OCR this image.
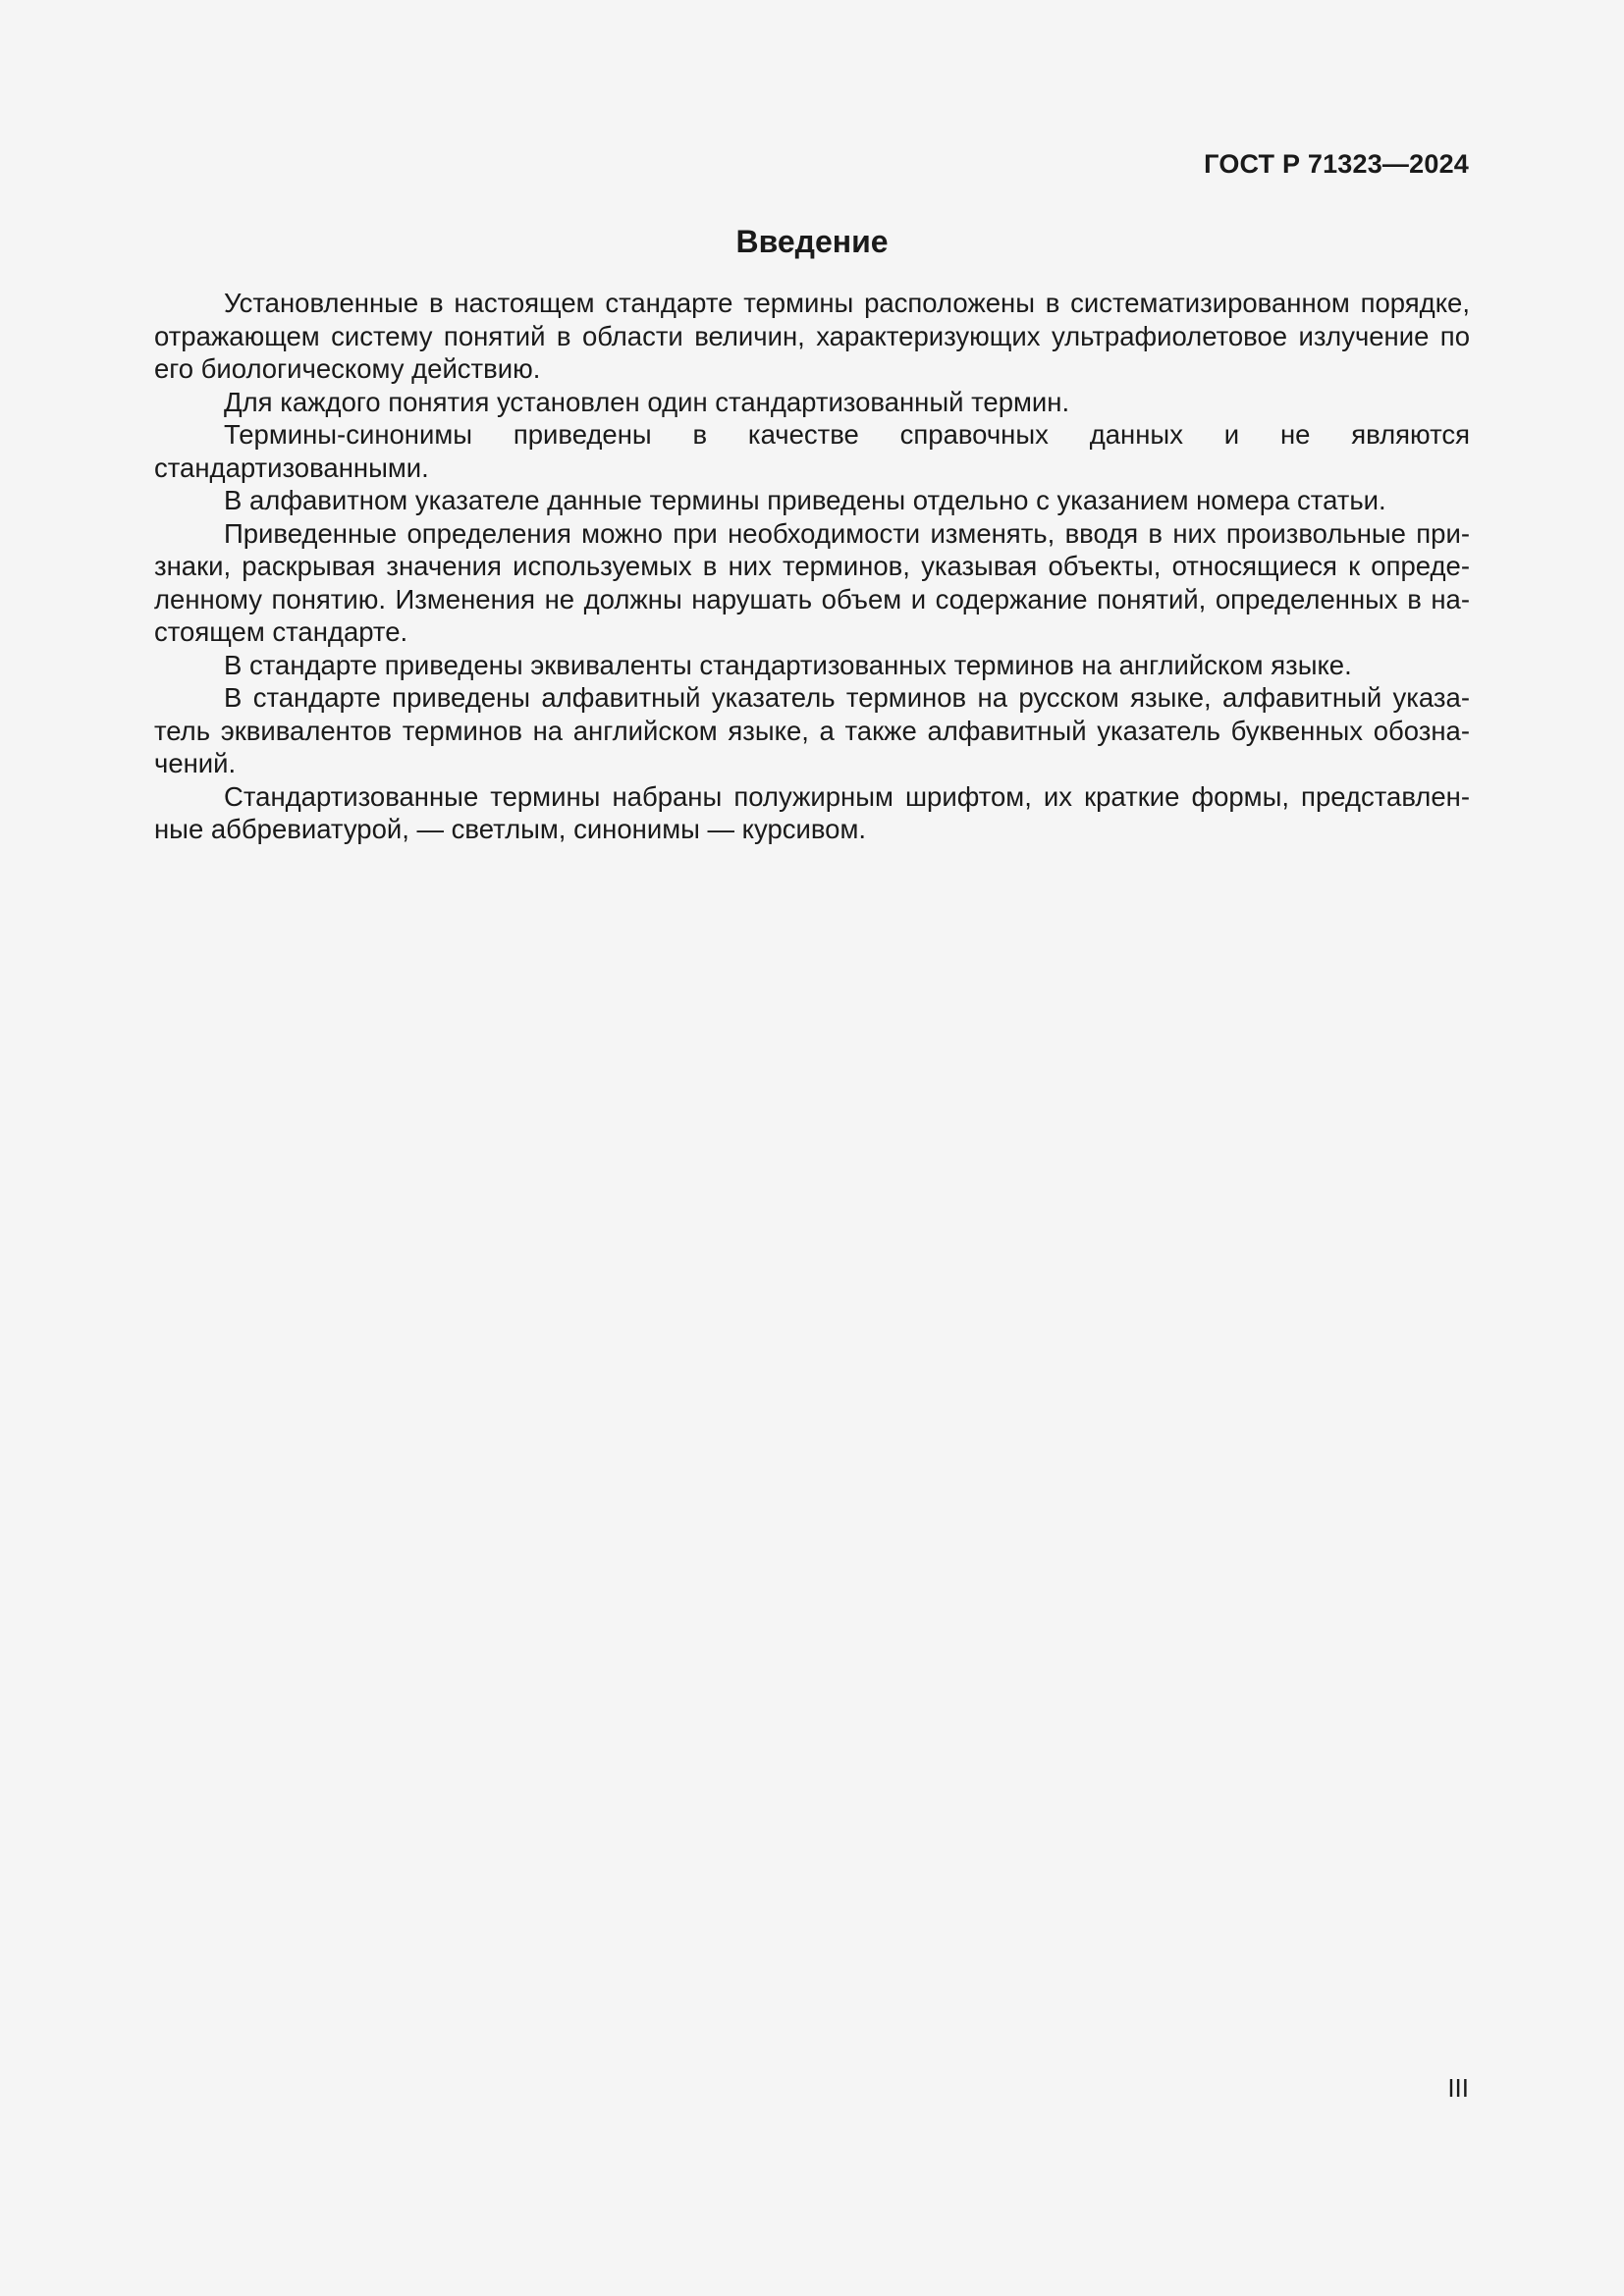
ГОСТ Р 71323—2024
Введение

Установленные в настоящем стандарте термины расположены в систематизированном порядке, отражающем систему понятий в области величин, характеризующих ультрафиолетовое излучение по его биологическому действию.

Для каждого понятия установлен один стандартизованный термин.

Термины-синонимы приведены в качестве справочных данных и не являются стандартизованными.

В алфавитном указателе данные термины приведены отдельно с указанием номера статьи.

Приведенные определения можно при необходимости изменять, вводя в них произвольные признаки, раскрывая значения используемых в них терминов, указывая объекты, относящиеся к определенному понятию. Изменения не должны нарушать объем и содержание понятий, определенных в настоящем стандарте.

В стандарте приведены эквиваленты стандартизованных терминов на английском языке.

В стандарте приведены алфавитный указатель терминов на русском языке, алфавитный указатель эквивалентов терминов на английском языке, а также алфавитный указатель буквенных обозначений.

Стандартизованные термины набраны полужирным шрифтом, их краткие формы, представленные аббревиатурой, — светлым, синонимы — курсивом.

III
